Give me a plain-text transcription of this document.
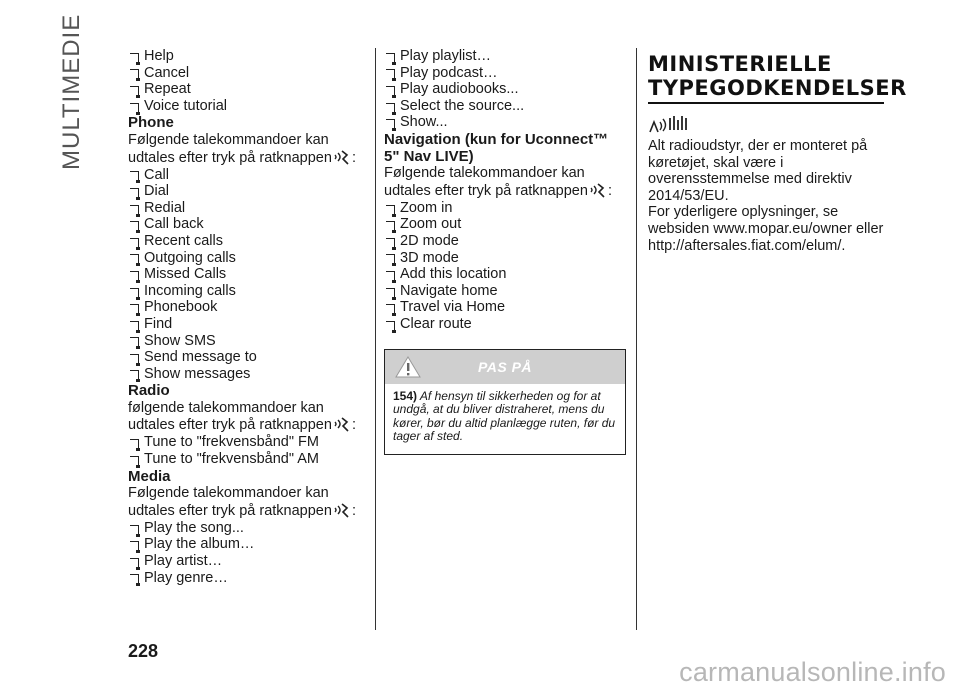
MULTIMEDIE	Help
Cancel
Repeat
Voice tutorial
Phone

Følgende talekommandoer kan udtales efter tryk på ratknappen :

Call
Dial
Redial
Call back
Recent calls
Outgoing calls
Missed Calls
Incoming calls
Phonebook
Find
Show SMS
Send message to
Show messages
Radio

følgende talekommandoer kan udtales efter tryk på ratknappen :

Tune to "frekvensbånd" FM
Tune to "frekvensbånd" AM
Media

Følgende talekommandoer kan udtales efter tryk på ratknappen :

Play the song...
Play the album…
Play artist…
Play genre…
Play playlist…
Play podcast…
Play audiobooks...
Select the source...
Show...
Navigation (kun for Uconnect™ 5" Nav LIVE)

Følgende talekommandoer kan udtales efter tryk på ratknappen :

Zoom in
Zoom out
2D mode
3D mode
Add this location
Navigate home
Travel via Home
Clear route
PAS PÅ
154) Af hensyn til sikkerheden og for at undgå, at du bliver distraheret, mens du kører, bør du altid planlægge ruten, før du tager af sted.
MINISTERIELLE
TYPEGODKENDELSER

Alt radioudstyr, der er monteret på køretøjet, skal være i overensstemmelse med direktiv 2014/53/EU.

For yderligere oplysninger, se websiden www.mopar.eu/owner eller http://aftersales.fiat.com/elum/.

228
carmanualsonline.info
